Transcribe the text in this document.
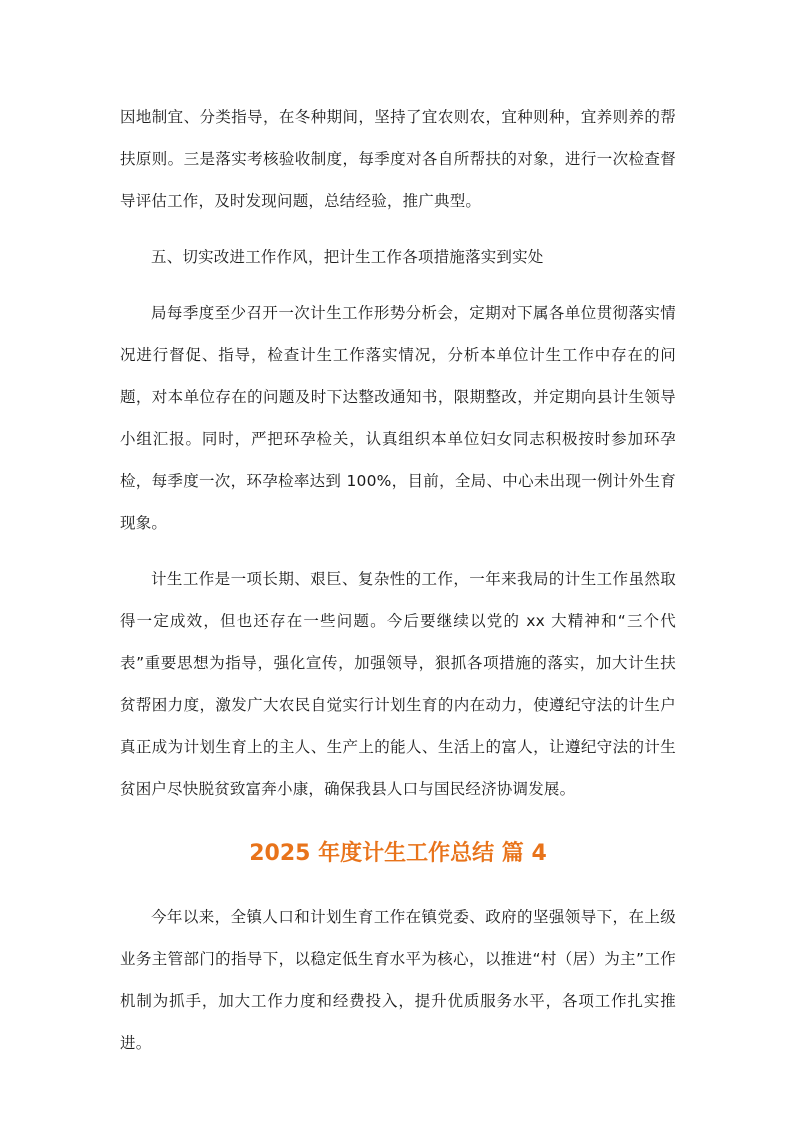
因地制宜、分类指导，在冬种期间，坚持了宜农则农，宜种则种，宜养则养的帮扶原则。三是落实考核验收制度，每季度对各自所帮扶的对象，进行一次检查督导评估工作，及时发现问题，总结经验，推广典型。

五、切实改进工作作风，把计生工作各项措施落实到实处

局每季度至少召开一次计生工作形势分析会，定期对下属各单位贯彻落实情况进行督促、指导，检查计生工作落实情况，分析本单位计生工作中存在的问题，对本单位存在的问题及时下达整改通知书，限期整改，并定期向县计生领导小组汇报。同时，严把环孕检关，认真组织本单位妇女同志积极按时参加环孕检，每季度一次，环孕检率达到 100%，目前，全局、中心未出现一例计外生育现象。

计生工作是一项长期、艰巨、复杂性的工作，一年来我局的计生工作虽然取得一定成效，但也还存在一些问题。今后要继续以党的 xx 大精神和“三个代表”重要思想为指导，强化宣传，加强领导，狠抓各项措施的落实，加大计生扶贫帮困力度，激发广大农民自觉实行计划生育的内在动力，使遵纪守法的计生户真正成为计划生育上的主人、生产上的能人、生活上的富人，让遵纪守法的计生贫困户尽快脱贫致富奔小康，确保我县人口与国民经济协调发展。

2025 年度计生工作总结 篇 4

今年以来，全镇人口和计划生育工作在镇党委、政府的坚强领导下，在上级业务主管部门的指导下，以稳定低生育水平为核心，以推进“村（居）为主”工作机制为抓手，加大工作力度和经费投入，提升优质服务水平，各项工作扎实推进。
